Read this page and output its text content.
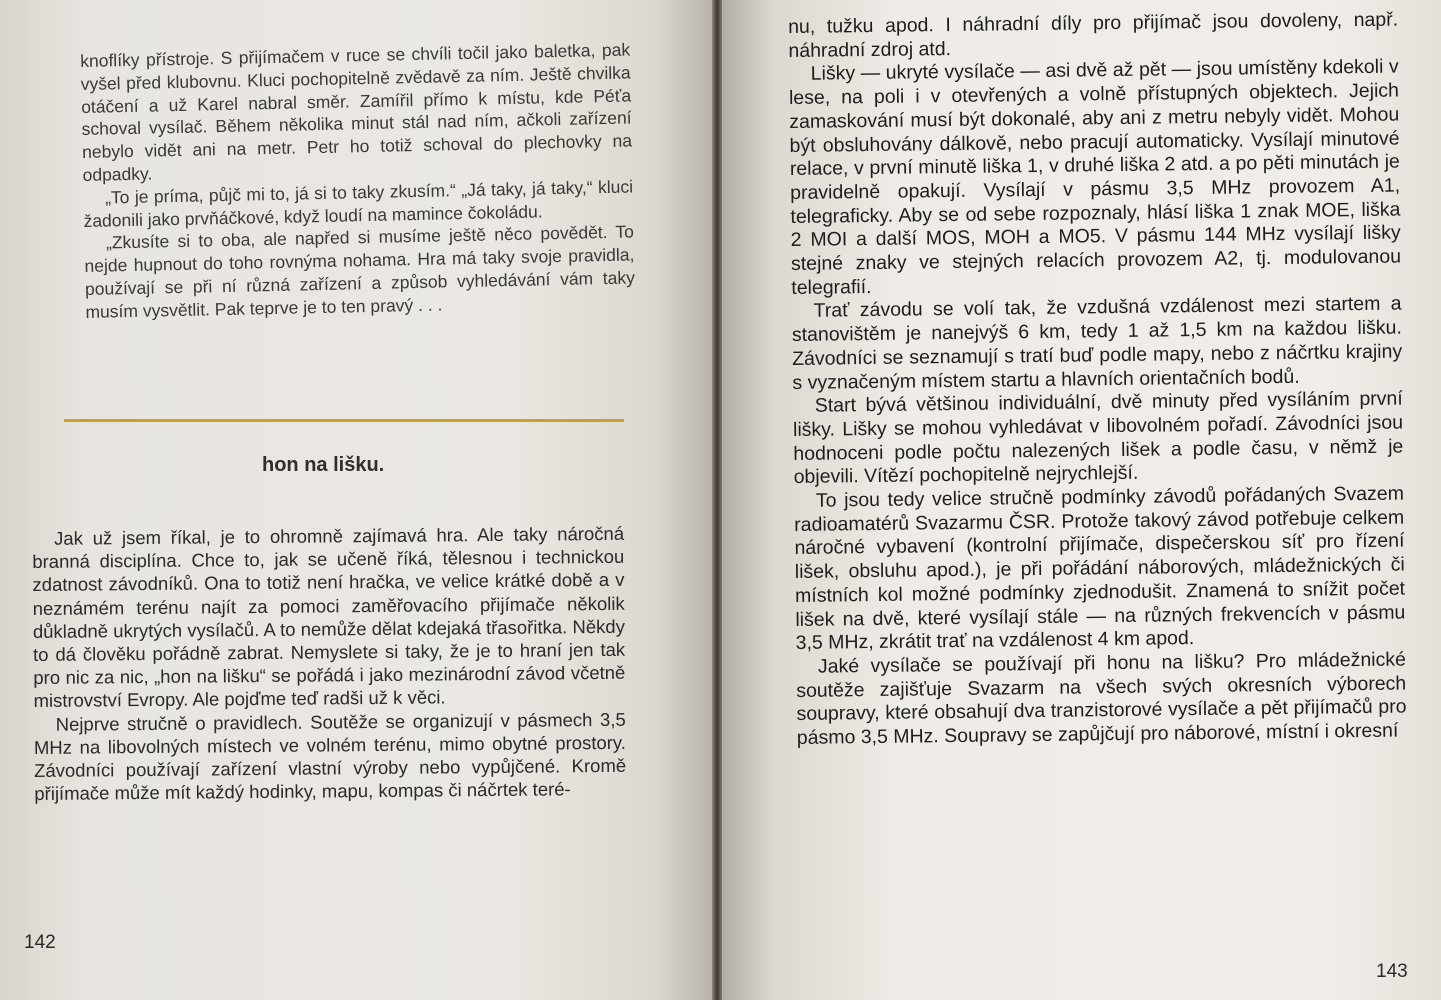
knoflíky přístroje. S přijímačem v ruce se chvíli točil jako baletka, pak vyšel před klubovnu. Kluci pochopitelně zvědavě za ním. Ještě chvilka otáčení a už Karel nabral směr. Zamířil přímo k místu, kde Péťa schoval vysílač. Během několika minut stál nad ním, ačkoli zařízení nebylo vidět ani na metr. Petr ho totiž schoval do plechovky na odpadky.

„To je príma, půjč mi to, já si to taky zkusím.“ „Já taky, já taky,“ kluci žadonili jako prvňáčkové, když loudí na mamince čokoládu.

„Zkusíte si to oba, ale napřed si musíme ještě něco povědět. To nejde hupnout do toho rovnýma nohama. Hra má taky svoje pravidla, používají se při ní různá zařízení a způsob vyhledávání vám taky musím vysvětlit. Pak teprve je to ten pravý . . .

hon na lišku.

Jak už jsem říkal, je to ohromně zajímavá hra. Ale taky náročná branná disciplína. Chce to, jak se učeně říká, tělesnou i technickou zdatnost závodníků. Ona to totiž není hračka, ve velice krátké době a v neznámém terénu najít za pomoci zaměřovacího přijímače několik důkladně ukrytých vysílačů. A to nemůže dělat kdejaká třasořitka. Někdy to dá člověku pořádně zabrat. Nemyslete si taky, že je to hraní jen tak pro nic za nic, „hon na lišku“ se pořádá i jako mezinárodní závod včetně mistrovství Evropy. Ale pojďme teď radši už k věci.

Nejprve stručně o pravidlech. Soutěže se organizují v pásmech 3,5 MHz na libovolných místech ve volném terénu, mimo obytné prostory. Závodníci používají zařízení vlastní výroby nebo vypůjčené. Kromě přijímače může mít každý hodinky, mapu, kompas či náčrtek teré-

142

nu, tužku apod. I náhradní díly pro přijímač jsou dovoleny, např. náhradní zdroj atd.

Lišky — ukryté vysílače — asi dvě až pět — jsou umístěny kdekoli v lese, na poli i v otevřených a volně přístupných objektech. Jejich zamaskování musí být dokonalé, aby ani z metru nebyly vidět. Mohou být obsluhovány dálkově, nebo pracují automaticky. Vysílají minutové relace, v první minutě liška 1, v druhé liška 2 atd. a po pěti minutách je pravidelně opakují. Vysílají v pásmu 3,5 MHz provozem A1, telegraficky. Aby se od sebe rozpoznaly, hlásí liška 1 znak MOE, liška 2 MOI a další MOS, MOH a MO5. V pásmu 144 MHz vysílají lišky stejné znaky ve stejných relacích provozem A2, tj. modulovanou telegrafií.

Trať závodu se volí tak, že vzdušná vzdálenost mezi startem a stanovištěm je nanejvýš 6 km, tedy 1 až 1,5 km na každou lišku. Závodníci se seznamují s tratí buď podle mapy, nebo z náčrtku krajiny s vyznačeným místem startu a hlavních orientačních bodů.

Start bývá většinou individuální, dvě minuty před vysíláním první lišky. Lišky se mohou vyhledávat v libovolném pořadí. Závodníci jsou hodnoceni podle počtu nalezených lišek a podle času, v němž je objevili. Vítězí pochopitelně nejrychlejší.

To jsou tedy velice stručně podmínky závodů pořádaných Svazem radioamatérů Svazarmu ČSR. Protože takový závod potřebuje celkem náročné vybavení (kontrolní přijímače, dispečerskou síť pro řízení lišek, obsluhu apod.), je při pořádání náborových, mládežnických či místních kol možné podmínky zjednodušit. Znamená to snížit počet lišek na dvě, které vysílají stále — na různých frekvencích v pásmu 3,5 MHz, zkrátit trať na vzdálenost 4 km apod.

Jaké vysílače se používají při honu na lišku? Pro mládežnické soutěže zajišťuje Svazarm na všech svých okresních výborech soupravy, které obsahují dva tranzistorové vysílače a pět přijímačů pro pásmo 3,5 MHz. Soupravy se zapůjčují pro náborové, místní i okresní

143
